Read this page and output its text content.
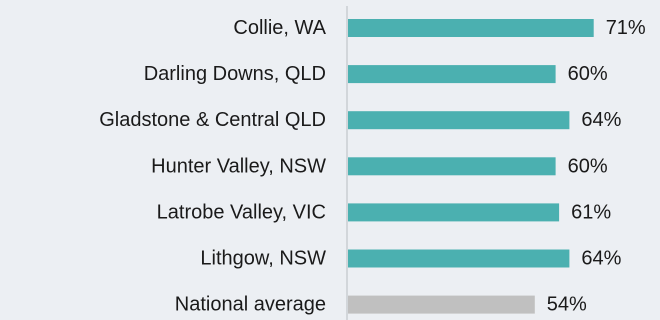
Collie, WA
Darling Downs, QLD
Gladstone & Central QLD
Hunter Valley, NSW
Latrobe Valley, VIC
Lithgow, NSW
National average
71%
60%
64%
60%
61%
64%
54%
